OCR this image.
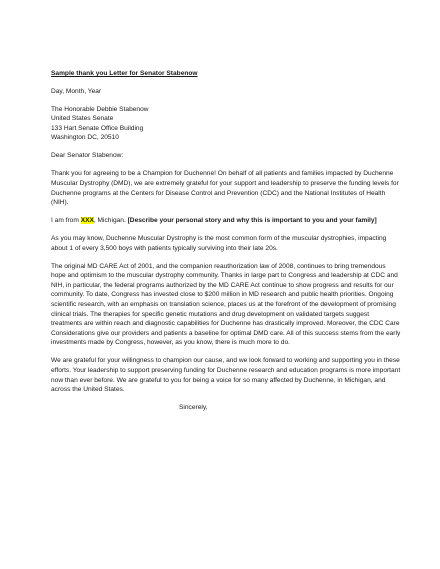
Sample thank you Letter for Senator Stabenow

Day, Month, Year

The Honorable Debbie Stabenow
United States Senate
133 Hart Senate Office Building
Washington DC, 20510

Dear Senator Stabenow:

Thank you for agreeing to be a Champion for Duchenne! On behalf of all patients and families impacted by Duchenne Muscular Dystrophy (DMD), we are extremely grateful for your support and leadership to preserve the funding levels for Duchenne programs at the Centers for Disease Control and Prevention (CDC) and the National Institutes of Health (NIH).

I am from XXX, Michigan. [Describe your personal story and why this is important to you and your family]

As you may know, Duchenne Muscular Dystrophy is the most common form of the muscular dystrophies, impacting about 1 of every 3,500 boys with patients typically surviving into their late 20s.

The original MD CARE Act of 2001, and the companion reauthorization law of 2008, continues to bring tremendous hope and optimism to the muscular dystrophy community. Thanks in large part to Congress and leadership at CDC and NIH, in particular, the federal programs authorized by the MD CARE Act continue to show progress and results for our community. To date, Congress has invested close to $200 million in MD research and public health priorities. Ongoing scientific research, with an emphasis on translation science, places us at the forefront of the development of promising clinical trials. The therapies for specific genetic mutations and drug development on validated targets suggest treatments are within reach and diagnostic capabilities for Duchenne has drastically improved. Moreover, the CDC Care Considerations give our providers and patients a baseline for optimal DMD care. All of this success stems from the early investments made by Congress, however, as you know, there is much more to do.

We are grateful for your willingness to champion our cause, and we look forward to working and supporting you in these efforts. Your leadership to support preserving funding for Duchenne research and education programs is more important now than ever before. We are grateful to you for being a voice for so many affected by Duchenne, in Michigan, and across the United States.

Sincerely,
